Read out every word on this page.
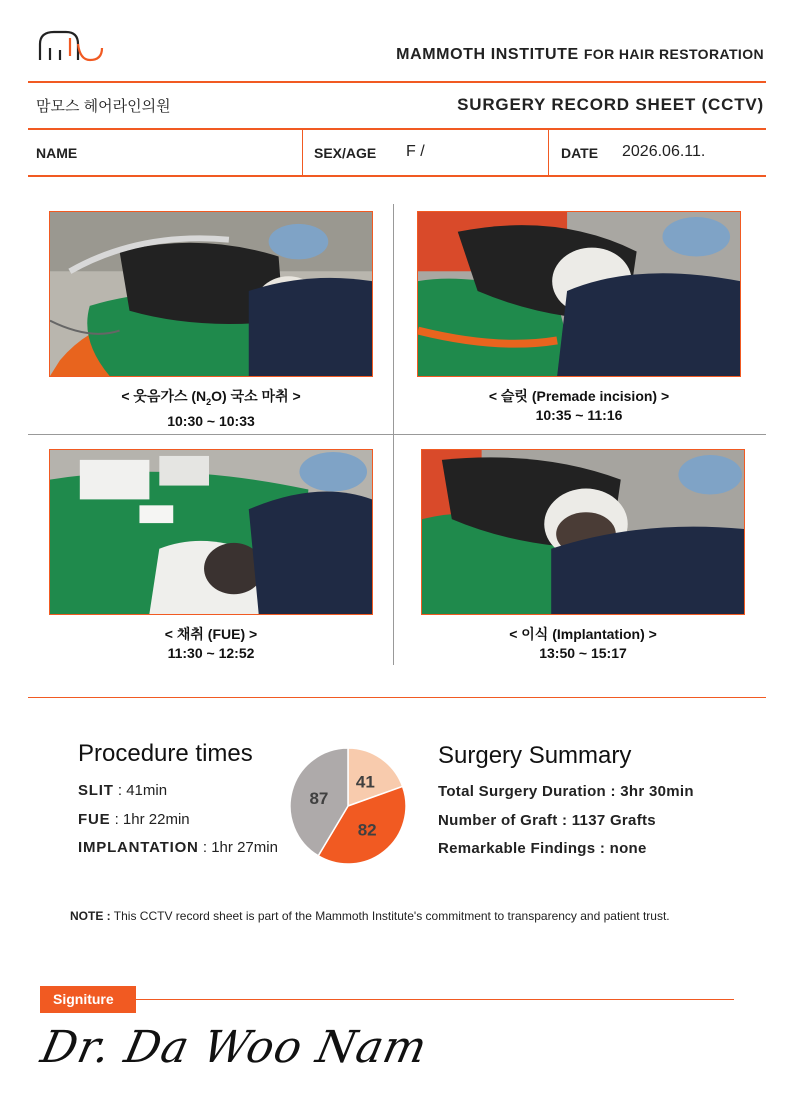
MAMMOTH INSTITUTE FOR HAIR RESTORATION
맘모스 헤어라인의원	SURGERY RECORD SHEET (CCTV)
NAME	SEX/AGE F /	DATE 2026.06.11.
< 웃음가스 $(N_2O)$ 국소 마취 >
10:30 ~ 10:33
< 슬릿 (Premade incision) >
10:35 ~ 11:16
< 채취 (FUE) >
11:30 ~ 12:52
< 이식 (Implantation) >
13:50 ~ 15:17
Procedure times
SLIT : 41min
FUE : 1hr 22min
IMPLANTATION : 1hr 27min
41
82
87
Surgery Summary
Total Surgery Duration : 3hr 30min
Number of Graft : 1137 Grafts
Remarkable Findings : none
NOTE : This CCTV record sheet is part of the Mammoth Institute's commitment to transparency and patient trust.
Signiture
Dr. Da Woo Nam
